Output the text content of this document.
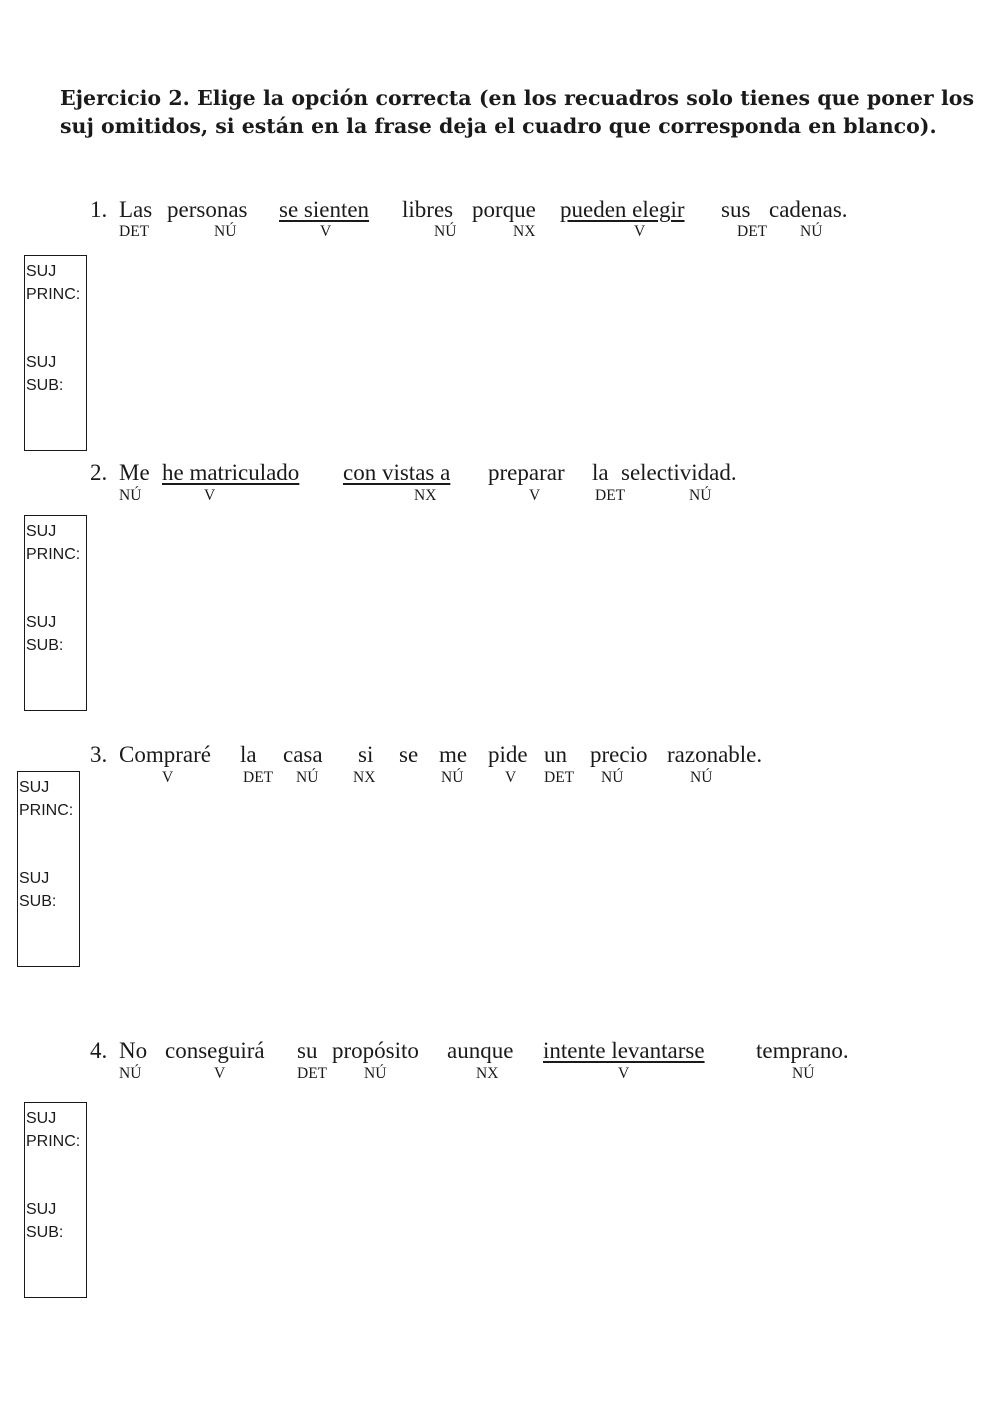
Ejercicio 2. Elige la opción correcta (en los recuadros solo tienes que poner los suj omitidos, si están en la frase deja el cuadro que corresponda en blanco).
1. Las personas se sienten libres porque pueden elegir sus cadenas.
DET	NÚ	V	NÚ	NX	V	DET NÚ
SUJ
PRINC:
SUJ
SUB:
2. Me he matriculado con vistas a preparar la selectividad.
NÚ	V	NX	V	DET	NÚ
SUJ
PRINC:
SUJ
SUB:
3. Compraré la casa si se me pide un precio razonable.
V	DET NÚ NX	NÚ	V DET NÚ	NÚ
SUJ
PRINC:
SUJ
SUB:
4. No conseguirá su propósito aunque intente levantarse temprano.
NÚ	V	DET NÚ	NX	V	NÚ
SUJ
PRINC:
SUJ
SUB:
